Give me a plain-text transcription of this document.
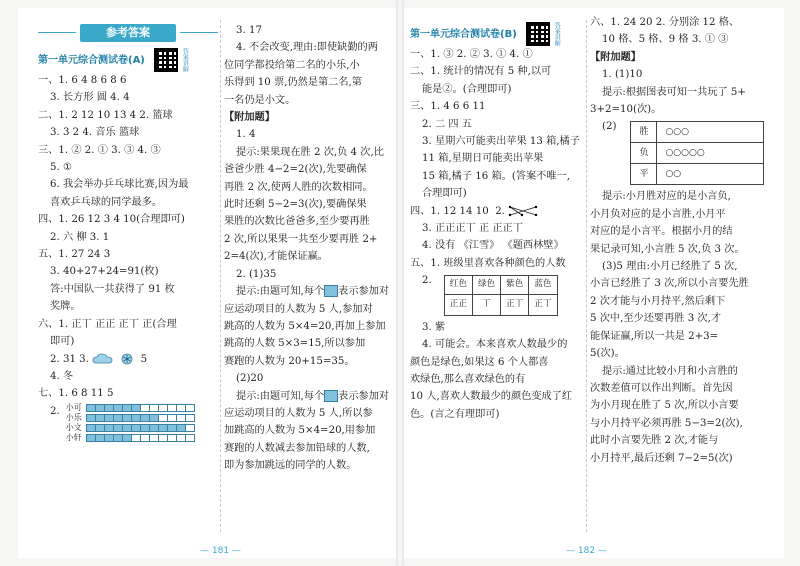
参考答案

第一单元综合测试卷(A)	答案讲解

一、1. 6 4 8 6 8 6

3. 长方形 圆 4. 4

二、1. 2 12 10 13 4 2. 篮球

3. 3 2 4. 音乐 篮球

三、1. ② 2. ① 3. ③ 4. ③

5. ①

6. 我会举办乒乓球比赛,因为最

喜欢乒乓球的同学最多。

四、1. 26 12 3 4 10(合理即可)

2. 六 柳 3. 1

五、1. 27 24 3

3. 40+27+24=91(枚)

答:中国队一共获得了 91 枚

奖牌。

六、1. 正丅 正正 正丅 正(合理

即可)

2. 31 3.	5

4. 冬

七、1. 6 8 11 5

2. 小可	
小乐	
小文	
小轩	

3. 17

4. 不会改变,理由:即使缺勤的两

位同学都投给第二名的小乐,小

乐得到 10 票,仍然是第二名,第

一名仍是小文。

【附加题】

1. 4

提示:果果现在胜 2 次,负 4 次,比

爸爸少胜 4−2=2(次),先要确保

再胜 2 次,使两人胜的次数相同。

此时还剩 5−2=3(次),要确保果

果胜的次数比爸爸多,至少要再胜

2 次,所以果果一共至少要再胜 2+

2=4(次),才能保证赢。

2. (1)35

提示:由题可知,每个 表示参加对

应运动项目的人数为 5 人,参加对

跳高的人数为 5×4=20,再加上参加

跳高的人数 5×3=15,所以参加

赛跑的人数为 20+15=35。

(2)20

提示:由题可知,每个 表示参加对

应运动项目的人数为 5 人,所以参

加跳高的人数为 5×4=20,用参加

赛跑的人数减去参加铅球的人数,

即为参加跳远的同学的人数。

第一单元综合测试卷(B)	答案讲解

一、1. ③ 2. ② 3. ① 4. ①

二、1. 统计的情况有 5 种,以可

能是②。(合理即可)

三、1. 4 6 6 11

2. 二 四 五

3. 星期六可能卖出苹果 13 箱,橘子

11 箱,星期日可能卖出苹果

15 箱,橘子 16 箱。(答案不唯一,

合理即可)

四、1. 12 14 10 2.

3. 正正正丅 正 正正丅

4. 没有 《江雪》 《题西林壁》

五、1. 班级里喜欢各种颜色的人数

2. 红色	绿色	紫色	蓝色
正正	丅	正丅	正丅

3. 紫

4. 可能会。本来喜欢人数最少的

颜色是绿色,如果这 6 个人都喜

欢绿色,那么喜欢绿色的有

10 人,喜欢人数最少的颜色变成了红

色。(言之有理即可)

六、1. 24 20 2. 分别涂 12 格、

10 格、5 格、9 格 3. ① ③

【附加题】

1. (1)10

提示:根据图表可知一共玩了 5+

3+2=10(次)。

(2)	胜	○○○
负	○○○○○
平	○○

提示:小月胜对应的是小言负,

小月负对应的是小言胜,小月平

对应的是小言平。根据小月的结

果记录可知,小言胜 5 次,负 3 次。

(3)5 理由:小月已经胜了 5 次,

小言已经胜了 3 次,所以小言要先胜

2 次才能与小月持平,然后剩下

5 次中,至少还要再胜 3 次,才

能保证赢,所以一共是 2+3=

5(次)。

提示:通过比较小月和小言胜的

次数差值可以作出判断。首先因

为小月现在胜了 5 次,所以小言要

与小月持平必须再胜 5−3=2(次),

此时小言要先胜 2 次,才能与

小月持平,最后还剩 7−2=5(次)

— 181 —	— 182 —
